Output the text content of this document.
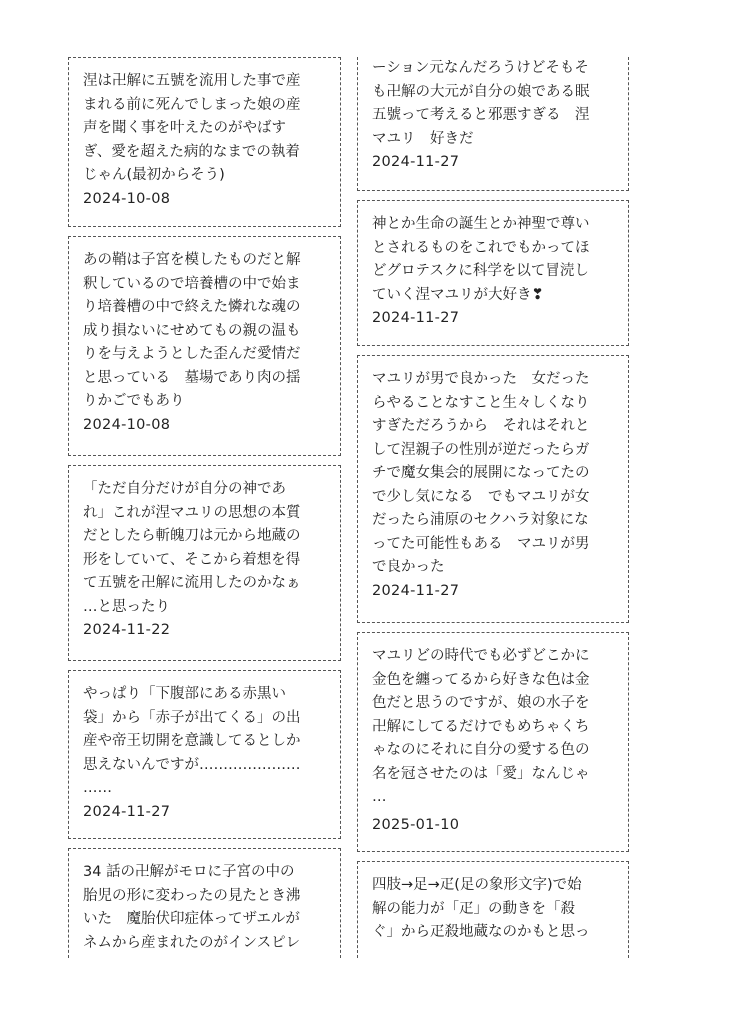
涅は卍解に五號を流用した事で産
まれる前に死んでしまった娘の産
声を聞く事を叶えたのがやばす
ぎ、愛を超えた病的なまでの執着
じゃん(最初からそう)

2024-10-08

あの鞘は子宮を模したものだと解
釈しているので培養槽の中で始ま
り培養槽の中で終えた憐れな魂の
成り損ないにせめてもの親の温も
りを与えようとした歪んだ愛情だ
と思っている　墓場であり肉の揺
りかごでもあり

2024-10-08

「ただ自分だけが自分の神であ
れ」これが涅マユリの思想の本質
だとしたら斬魄刀は元から地蔵の
形をしていて、そこから着想を得
て五號を卍解に流用したのかなぁ
…と思ったり

2024-11-22

やっぱり「下腹部にある赤黒い
袋」から「赤子が出てくる」の出
産や帝王切開を意識してるとしか
思えないんですが…………………
……

2024-11-27

34 話の卍解がモロに子宮の中の
胎児の形に変わったの見たとき沸
いた　魔胎伏印症体ってザエルが
ネムから産まれたのがインスピレ

ーション元なんだろうけどそもそ
も卍解の大元が自分の娘である眠
五號って考えると邪悪すぎる　涅
マユリ　好きだ

2024-11-27

神とか生命の誕生とか神聖で尊い
とされるものをこれでもかってほ
どグロテスクに科学を以て冒涜し
ていく涅マユリが大好き❣

2024-11-27

マユリが男で良かった　女だった
らやることなすこと生々しくなり
すぎただろうから　それはそれと
して涅親子の性別が逆だったらガ
チで魔女集会的展開になってたの
で少し気になる　でもマユリが女
だったら浦原のセクハラ対象にな
ってた可能性もある　マユリが男
で良かった

2024-11-27

マユリどの時代でも必ずどこかに
金色を纏ってるから好きな色は金
色だと思うのですが、娘の水子を
卍解にしてるだけでもめちゃくち
ゃなのにそれに自分の愛する色の
名を冠させたのは「愛」なんじゃ
…

2025-01-10

四肢→足→疋(足の象形文字)で始
解の能力が「疋」の動きを「殺
ぐ」から疋殺地蔵なのかもと思っ
